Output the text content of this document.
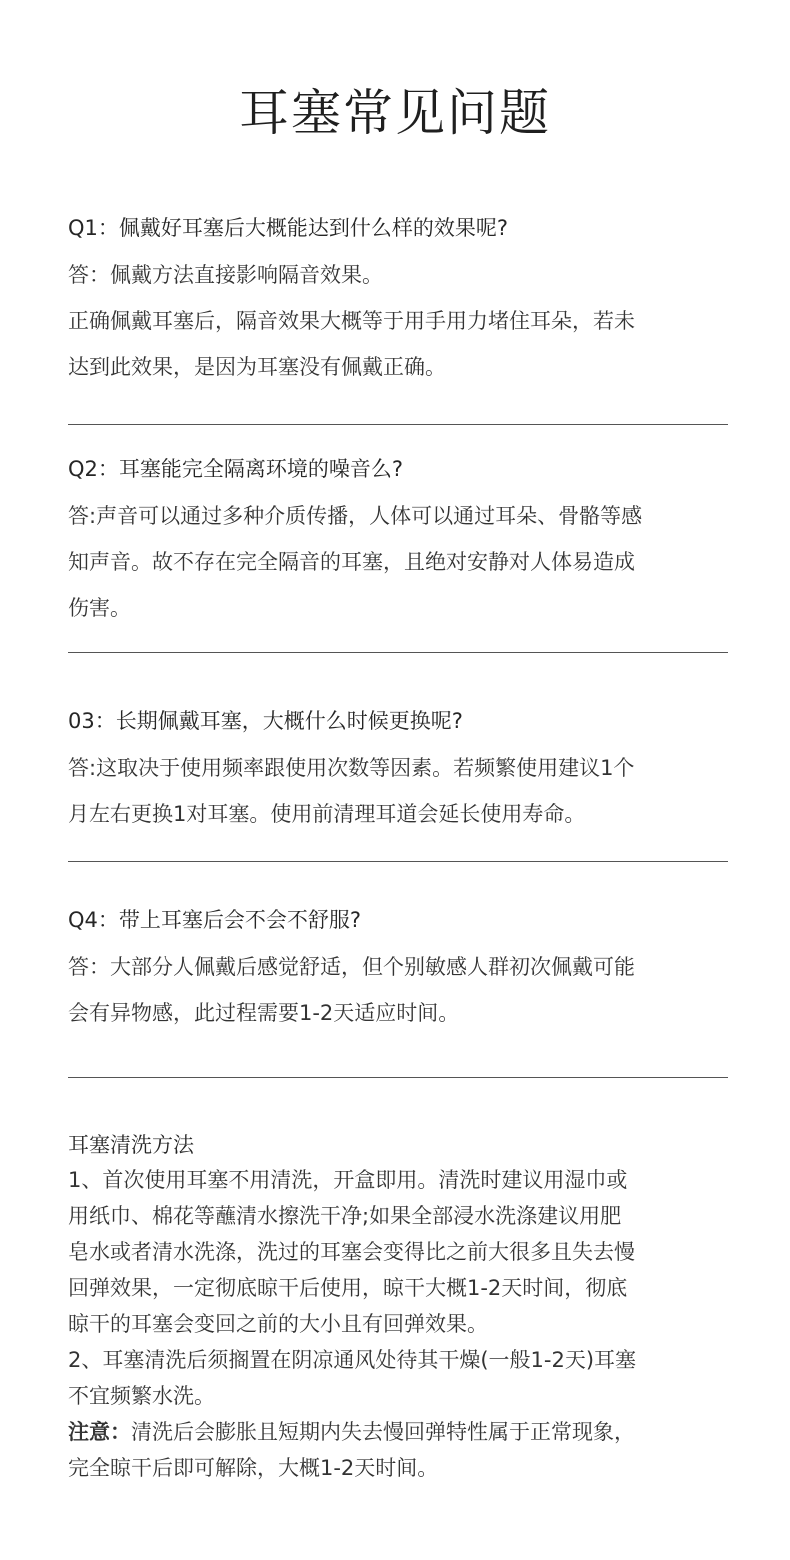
耳塞常见问题
Q1：佩戴好耳塞后大概能达到什么样的效果呢?
答：佩戴方法直接影响隔音效果。
正确佩戴耳塞后，隔音效果大概等于用手用力堵住耳朵，若未
达到此效果，是因为耳塞没有佩戴正确。
Q2：耳塞能完全隔离环境的噪音么?
答:声音可以通过多种介质传播，人体可以通过耳朵、骨骼等感
知声音。故不存在完全隔音的耳塞，且绝对安静对人体易造成
伤害。
03：长期佩戴耳塞，大概什么时候更换呢?
答:这取决于使用频率跟使用次数等因素。若频繁使用建议1个
月左右更换1对耳塞。使用前清理耳道会延长使用寿命。
Q4：带上耳塞后会不会不舒服?
答：大部分人佩戴后感觉舒适，但个别敏感人群初次佩戴可能
会有异物感，此过程需要1-2天适应时间。
耳塞清洗方法
1、首次使用耳塞不用清洗，开盒即用。清洗时建议用湿巾或
用纸巾、棉花等蘸清水擦洗干净;如果全部浸水洗涤建议用肥
皂水或者清水洗涤，洗过的耳塞会变得比之前大很多且失去慢
回弹效果，一定彻底晾干后使用，晾干大概1-2天时间，彻底
晾干的耳塞会变回之前的大小且有回弹效果。
2、耳塞清洗后须搁置在阴凉通风处待其干燥(一般1-2天)耳塞
不宜频繁水洗。
注意：清洗后会膨胀且短期内失去慢回弹特性属于正常现象，
完全晾干后即可解除，大概1-2天时间。
